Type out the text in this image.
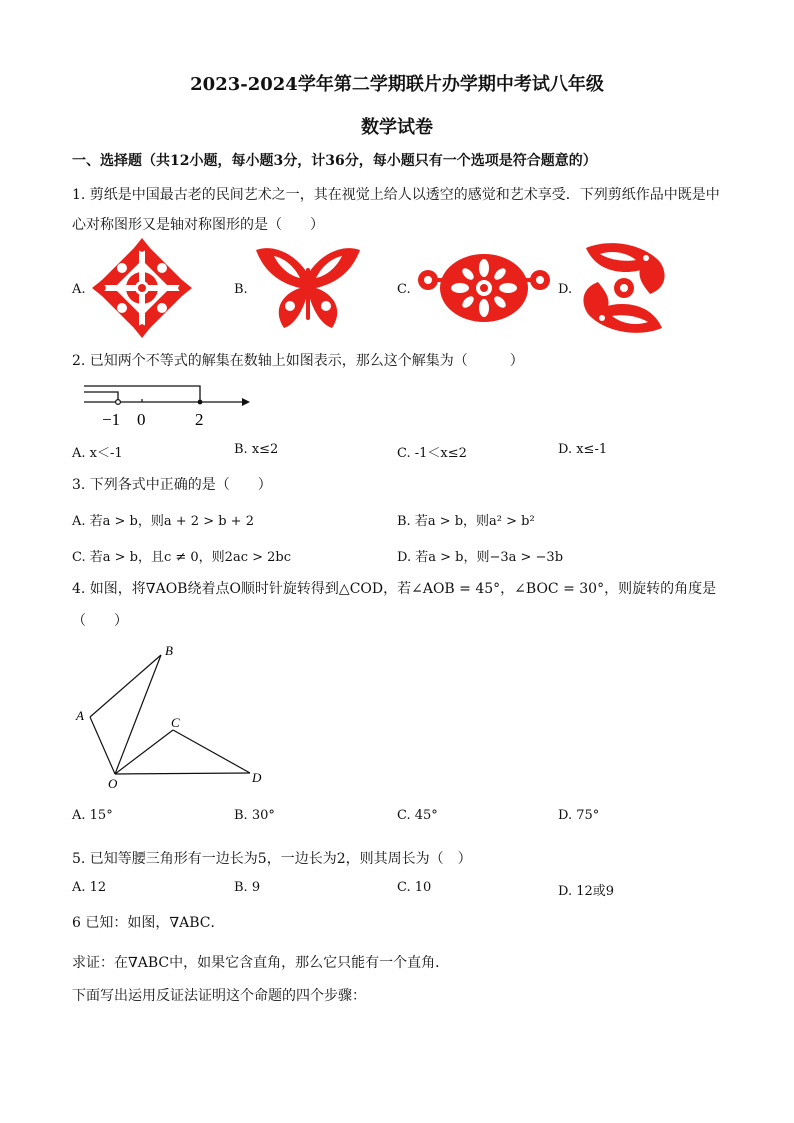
2023-2024学年第二学期联片办学期中考试八年级
数学试卷
一、选择题（共12小题，每小题3分，计36分，每小题只有一个选项是符合题意的）
1. 剪纸是中国最古老的民间艺术之一，其在视觉上给人以透空的感觉和艺术享受．下列剪纸作品中既是中
心对称图形又是轴对称图形的是（　　）
A.	B.	C.	D.
2. 已知两个不等式的解集在数轴上如图表示，那么这个解集为（　　　）
−1 0	2
A. x＜-1	B. x≤2	C. -1＜x≤2	D. x≤-1
3. 下列各式中正确的是（　　）
A. 若a > b，则a + 2 > b + 2	B. 若a > b，则a² > b²
C. 若a > b，且c ≠ 0，则2ac > 2bc	D. 若a > b，则−3a > −3b
4. 如图，将∇AOB绕着点O顺时针旋转得到△COD，若∠AOB = 45°，∠BOC = 30°，则旋转的角度是
（　　）
A
B
C
D
O
A. 15°	B. 30°	C. 45°	D. 75°
5. 已知等腰三角形有一边长为5，一边长为2，则其周长为（　）
A. 12	B. 9	C. 10	D. 12或9
6 已知：如图，∇ABC．
求证：在∇ABC中，如果它含直角，那么它只能有一个直角．
下面写出运用反证法证明这个命题的四个步骤：
